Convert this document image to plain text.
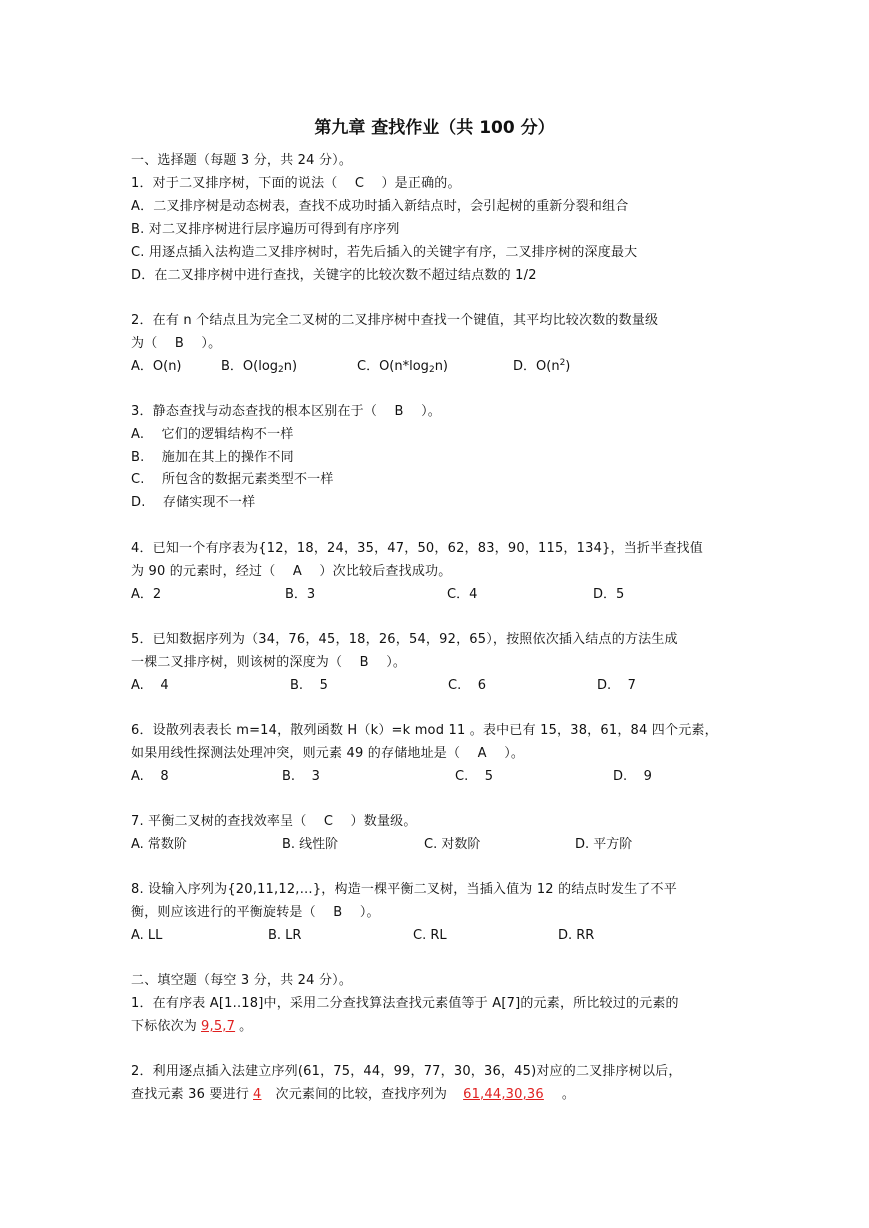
第九章 查找作业（共 100 分）
一、选择题（每题 3 分，共 24 分）。
1．对于二叉排序树，下面的说法（ C ）是正确的。
A．二叉排序树是动态树表，查找不成功时插入新结点时，会引起树的重新分裂和组合
B. 对二叉排序树进行层序遍历可得到有序序列
C. 用逐点插入法构造二叉排序树时，若先后插入的关键字有序，二叉排序树的深度最大
D．在二叉排序树中进行查找，关键字的比较次数不超过结点数的 1/2
2．在有 n 个结点且为完全二叉树的二叉排序树中查找一个键值，其平均比较次数的数量级
为（ B ）。
A．O(n)	B．$O(\log_2n)$	C．$O(n*\log_2n)$	D．$O(n^2)$
3．静态查找与动态查找的根本区别在于（ B ）。
A.    它们的逻辑结构不一样
B.    施加在其上的操作不同
C.    所包含的数据元素类型不一样
D.    存储实现不一样
4．已知一个有序表为{12，18，24，35，47，50，62，83，90，115，134}，当折半查找值
为 90 的元素时，经过（ A ）次比较后查找成功。
A．2	B．3	C．4	D．5
5．已知数据序列为（34，76，45，18，26，54，92，65），按照依次插入结点的方法生成
一棵二叉排序树，则该树的深度为（ B ）。
A.    4	B.    5	C.    6	D.    7
6．设散列表表长 m=14，散列函数 H（k）=k mod 11 。表中已有 15，38，61，84 四个元素，
如果用线性探测法处理冲突，则元素 49 的存储地址是（ A ）。
A.    8	B.    3	C.    5	D.    9
7. 平衡二叉树的查找效率呈（ C ）数量级。
A. 常数阶	B. 线性阶	C. 对数阶	D. 平方阶
8. 设输入序列为{20,11,12,…}，构造一棵平衡二叉树，当插入值为 12 的结点时发生了不平
衡，则应该进行的平衡旋转是（ B ）。
A. LL	B. LR	C. RL	D. RR
二、填空题（每空 3 分，共 24 分）。
1．在有序表 A[1..18]中，采用二分查找算法查找元素值等于 A[7]的元素，所比较过的元素的
下标依次为 9,5,7 。
2．利用逐点插入法建立序列(61，75，44，99，77，30，36，45)对应的二叉排序树以后，
查找元素 36 要进行 4 次元素间的比较，查找序列为 61,44,30,36 。
